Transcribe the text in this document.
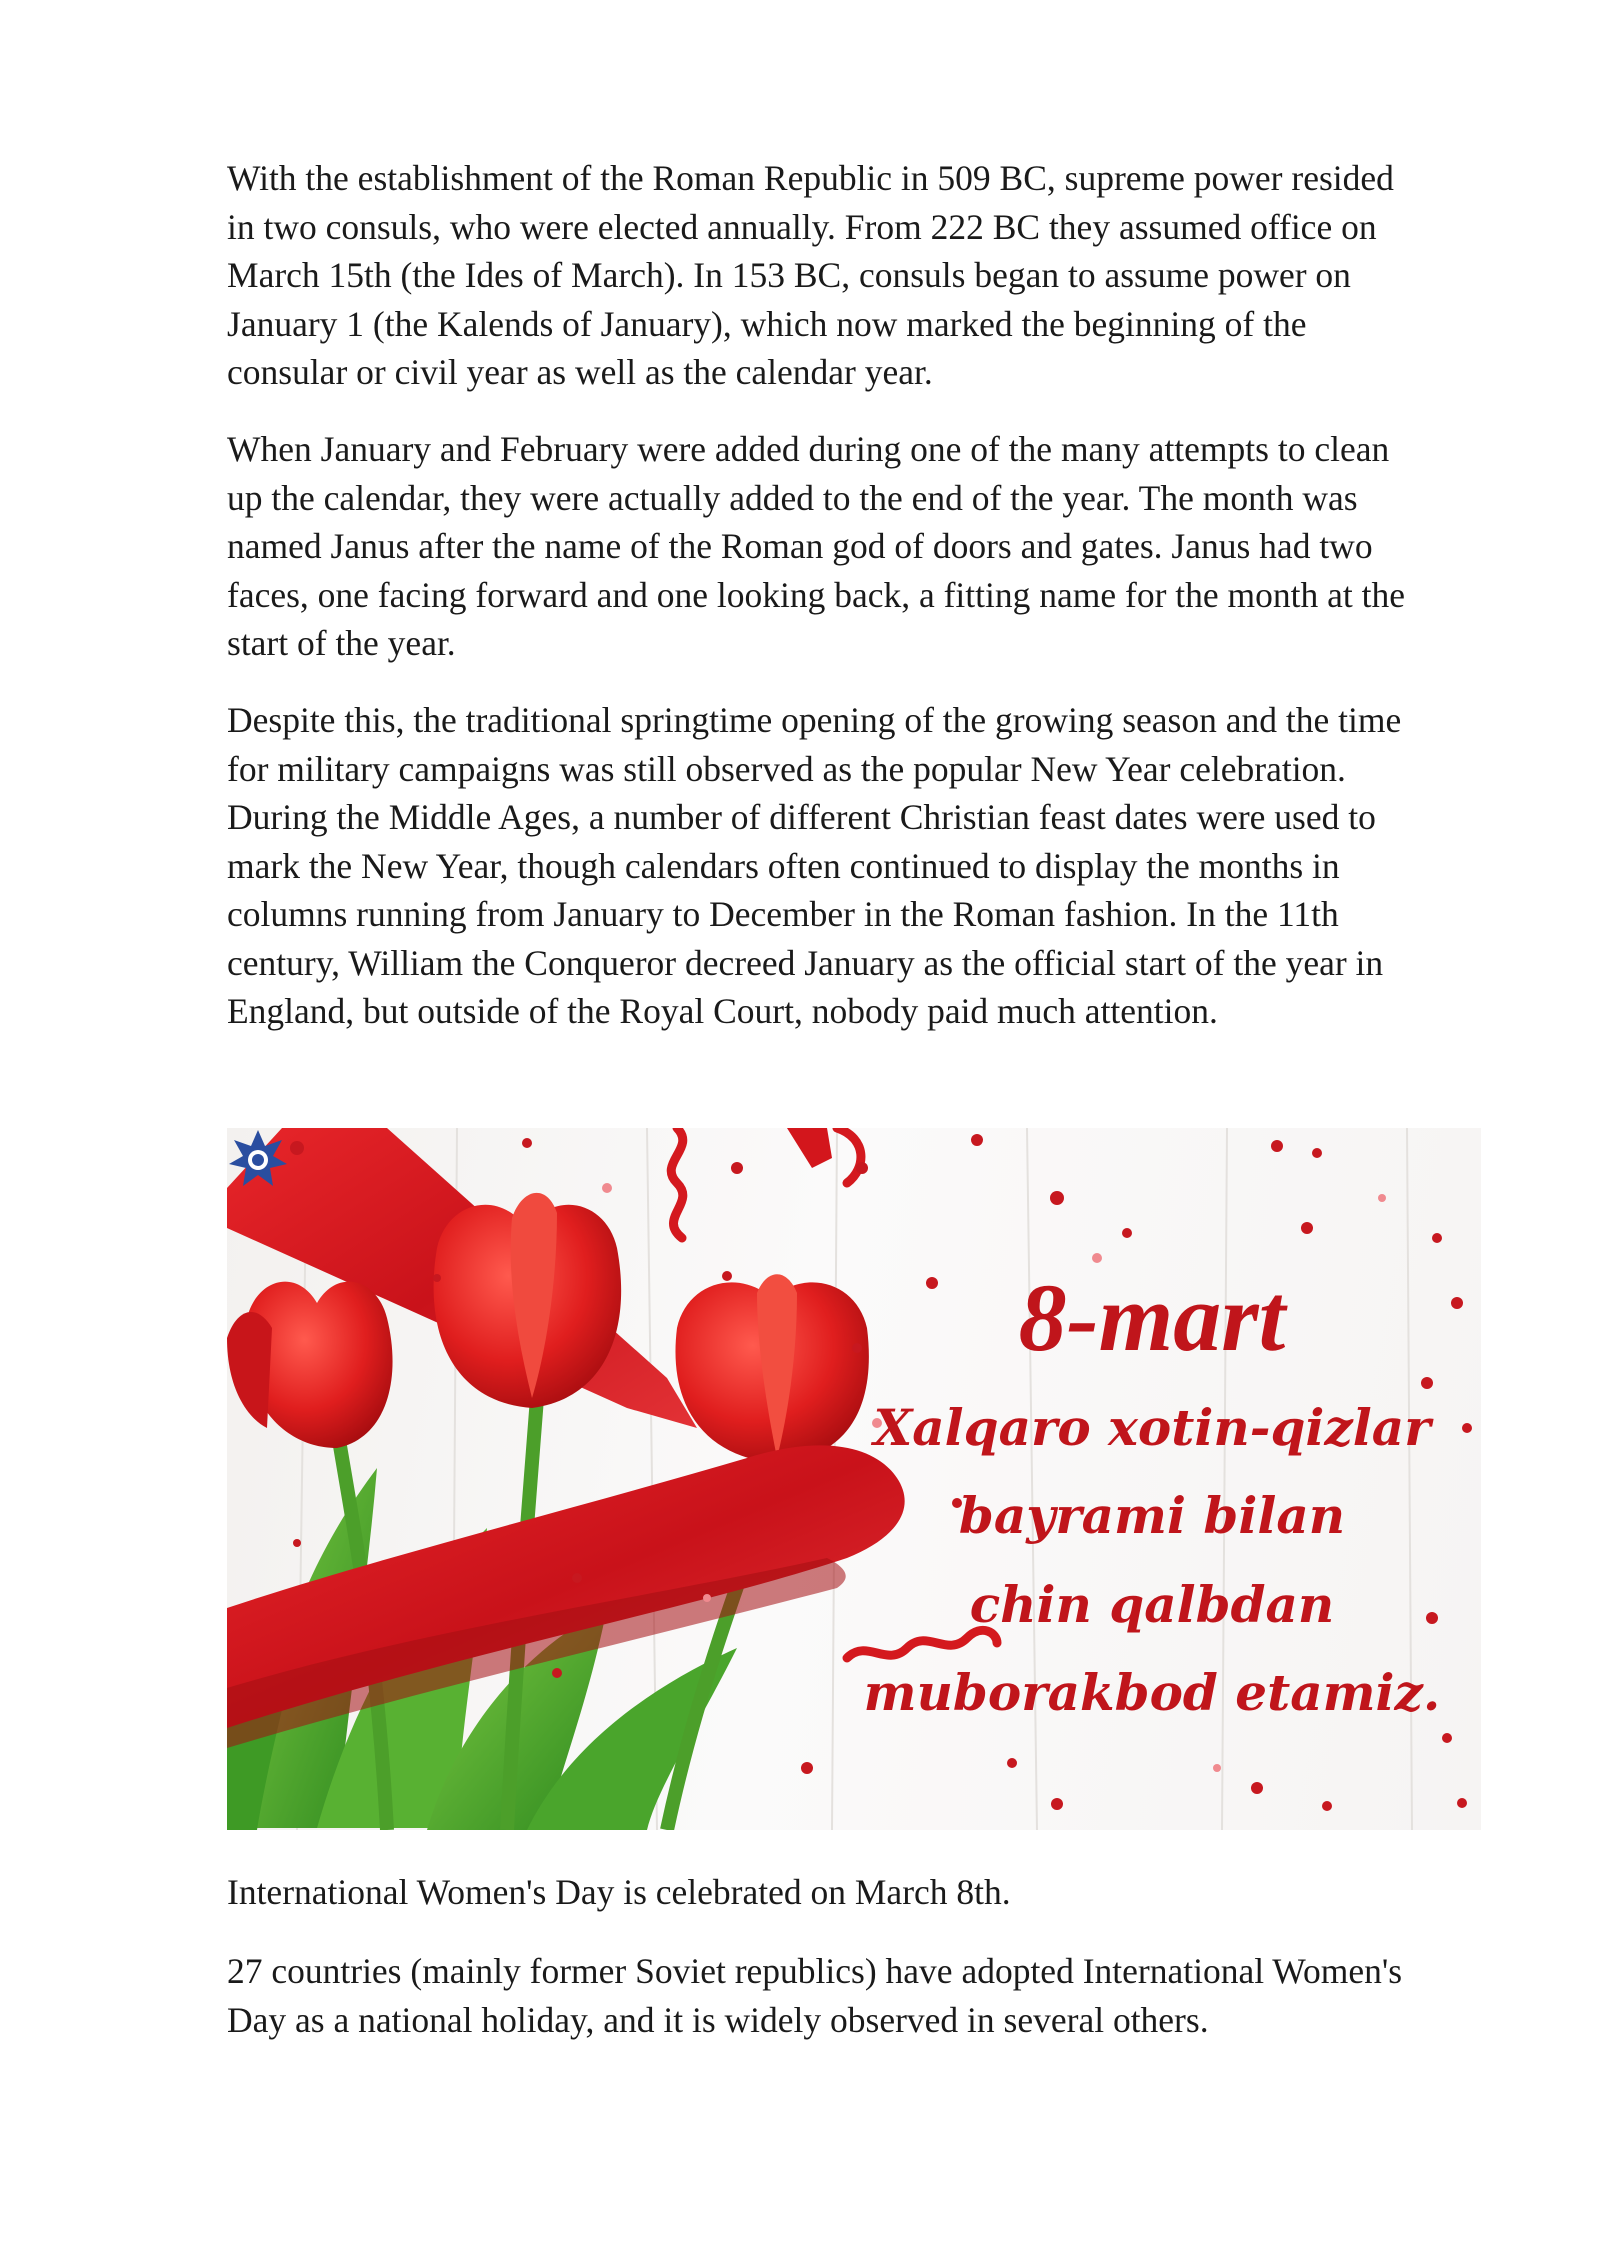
With the establishment of the Roman Republic in 509 BC, supreme power resided
in two consuls, who were elected annually. From 222 BC they assumed office on
March 15th (the Ides of March). In 153 BC, consuls began to assume power on
January 1 (the Kalends of January), which now marked the beginning of the
consular or civil year as well as the calendar year.

When January and February were added during one of the many attempts to clean
up the calendar, they were actually added to the end of the year. The month was
named Janus after the name of the Roman god of doors and gates. Janus had two
faces, one facing forward and one looking back, a fitting name for the month at the
start of the year.

Despite this, the traditional springtime opening of the growing season and the time
for military campaigns was still observed as the popular New Year celebration.
During the Middle Ages, a number of different Christian feast dates were used to
mark the New Year, though calendars often continued to display the months in
columns running from January to December in the Roman fashion. In the 11th
century, William the Conqueror decreed January as the official start of the year in
England, but outside of the Royal Court, nobody paid much attention.

8-mart
Xalqaro xotin-qizlar
bayrami bilan
chin qalbdan
muborakbod etamiz.

International Women's Day is celebrated on March 8th.

27 countries (mainly former Soviet republics) have adopted International Women's
Day as a national holiday, and it is widely observed in several others.
